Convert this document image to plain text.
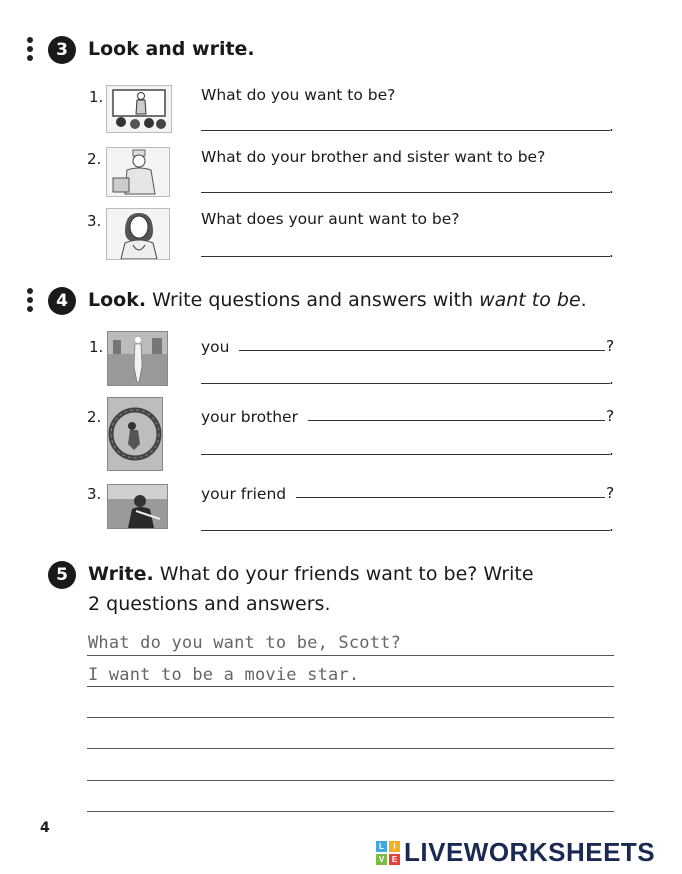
3	Look and write.
1.	What do you want to be?
.
2.	What do your brother and sister want to be?
.
3.	What does your aunt want to be?
.
4	Look. Write questions and answers with want to be.
1.	you	?
.
2.	your brother	?
.
3.	your friend	?
.
5	Write. What do your friends want to be? Write
2 questions and answers.
What do you want to be, Scott?
I want to be a movie star.
4
L	I
V E LIVEWORKSHEETS
